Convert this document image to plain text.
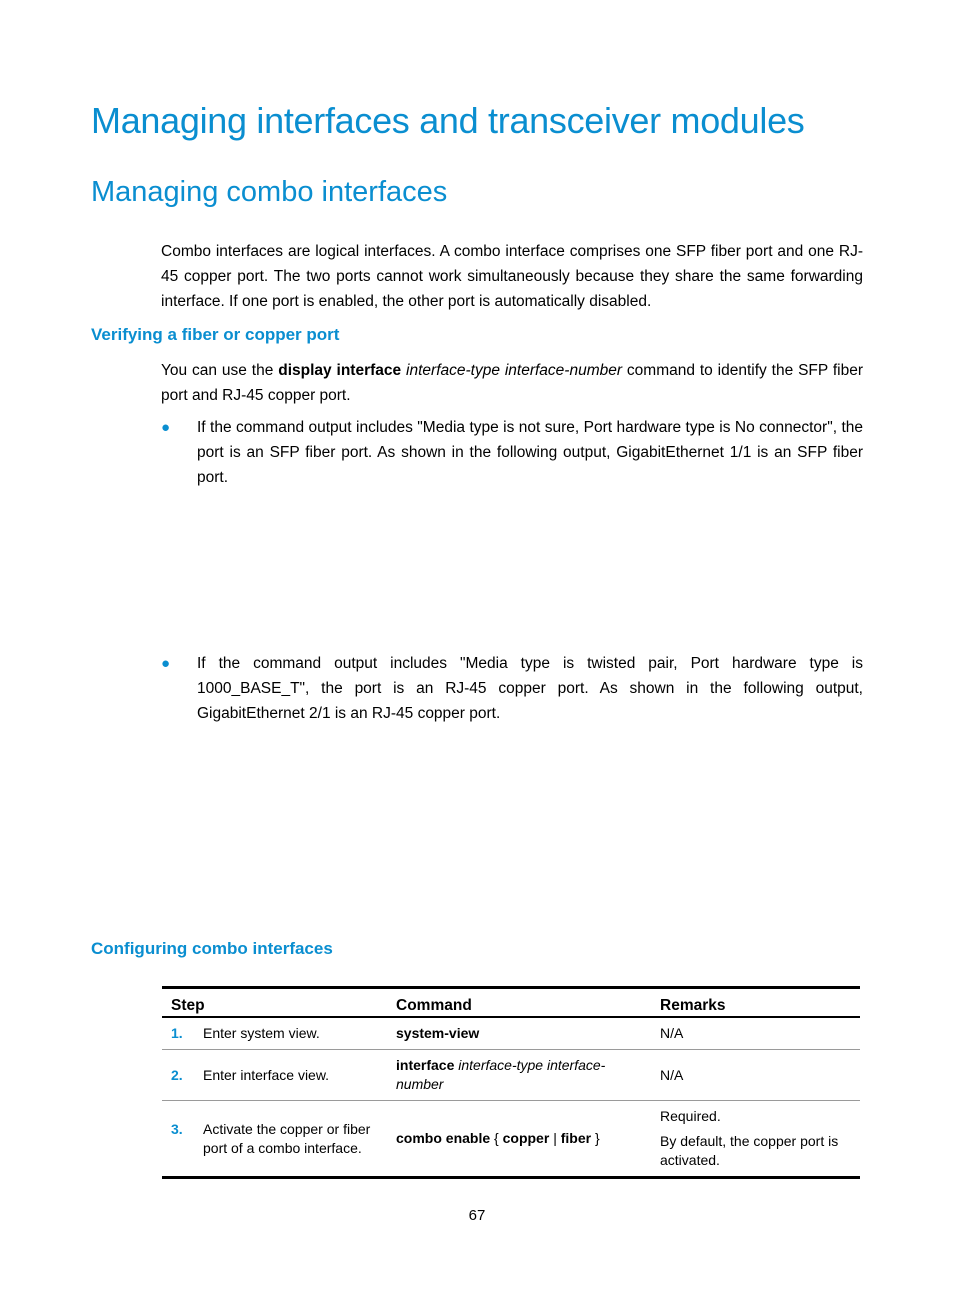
Managing interfaces and transceiver modules
Managing combo interfaces

Combo interfaces are logical interfaces. A combo interface comprises one SFP fiber port and one RJ-45 copper port. The two ports cannot work simultaneously because they share the same forwarding interface. If one port is enabled, the other port is automatically disabled.

Verifying a fiber or copper port

You can use the display interface interface-type interface-number command to identify the SFP fiber port and RJ-45 copper port.

● If the command output includes "Media type is not sure, Port hardware type is No connector", the port is an SFP fiber port. As shown in the following output, GigabitEthernet 1/1 is an SFP fiber port.
● If the command output includes "Media type is twisted pair, Port hardware type is 1000_BASE_T", the port is an RJ-45 copper port. As shown in the following output, GigabitEthernet 2/1 is an RJ-45 copper port.
Configuring combo interfaces
Step	Command	Remarks
1. Enter system view.	system-view	N/A

2. Enter interface view.	interface interface-type interface-number	N/A

3. Activate the copper or fiber port of a combo interface.	combo enable { copper | fiber }	Required.
By default, the copper port is activated.
67
